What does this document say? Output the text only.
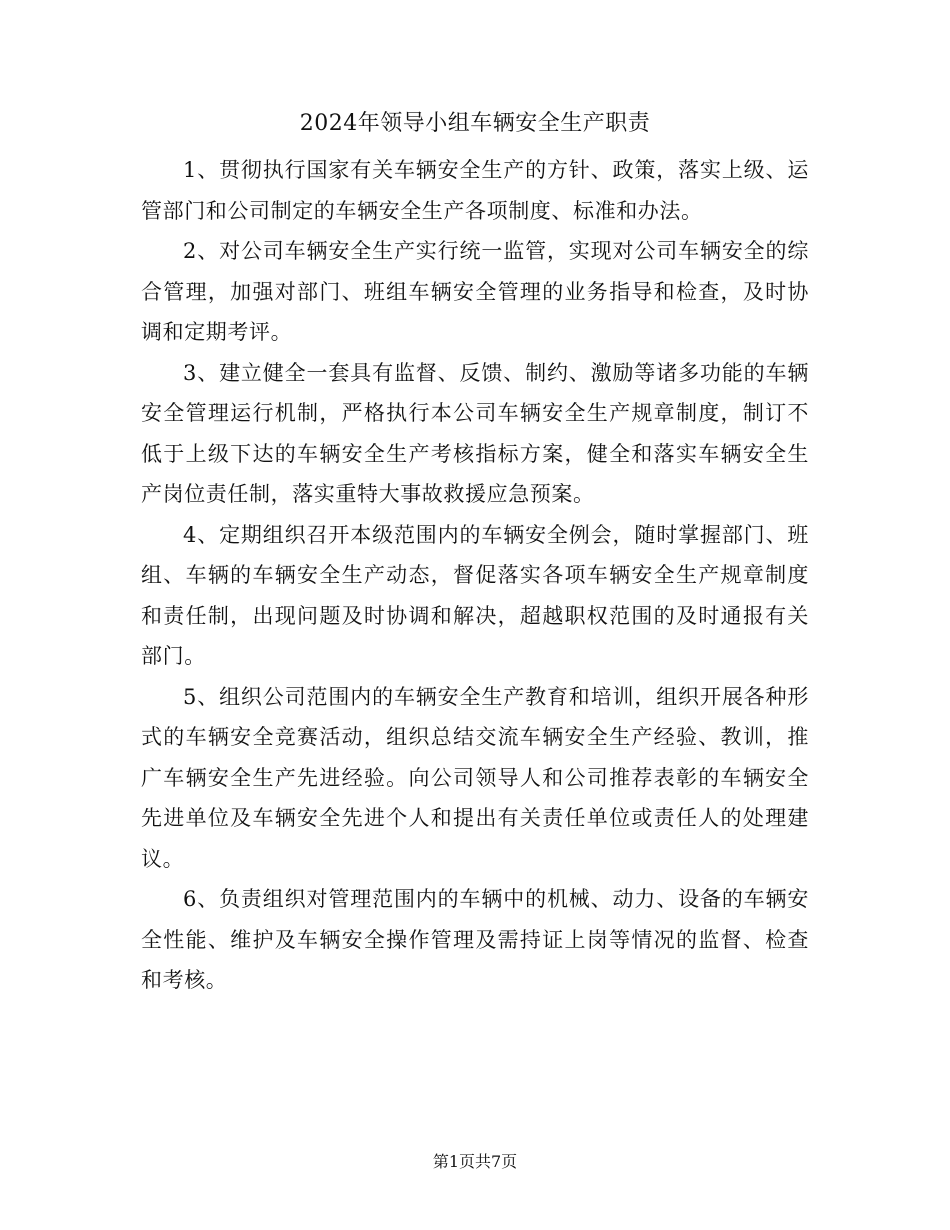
2024年领导小组车辆安全生产职责

1、贯彻执行国家有关车辆安全生产的方针、政策，落实上级、运管部门和公司制定的车辆安全生产各项制度、标准和办法。

2、对公司车辆安全生产实行统一监管，实现对公司车辆安全的综合管理，加强对部门、班组车辆安全管理的业务指导和检查，及时协调和定期考评。

3、建立健全一套具有监督、反馈、制约、激励等诸多功能的车辆安全管理运行机制，严格执行本公司车辆安全生产规章制度，制订不低于上级下达的车辆安全生产考核指标方案，健全和落实车辆安全生产岗位责任制，落实重特大事故救援应急预案。

4、定期组织召开本级范围内的车辆安全例会，随时掌握部门、班组、车辆的车辆安全生产动态，督促落实各项车辆安全生产规章制度和责任制，出现问题及时协调和解决，超越职权范围的及时通报有关部门。

5、组织公司范围内的车辆安全生产教育和培训，组织开展各种形式的车辆安全竞赛活动，组织总结交流车辆安全生产经验、教训，推广车辆安全生产先进经验。向公司领导人和公司推荐表彰的车辆安全先进单位及车辆安全先进个人和提出有关责任单位或责任人的处理建议。

6、负责组织对管理范围内的车辆中的机械、动力、设备的车辆安全性能、维护及车辆安全操作管理及需持证上岗等情况的监督、检查和考核。

第1页共7页
